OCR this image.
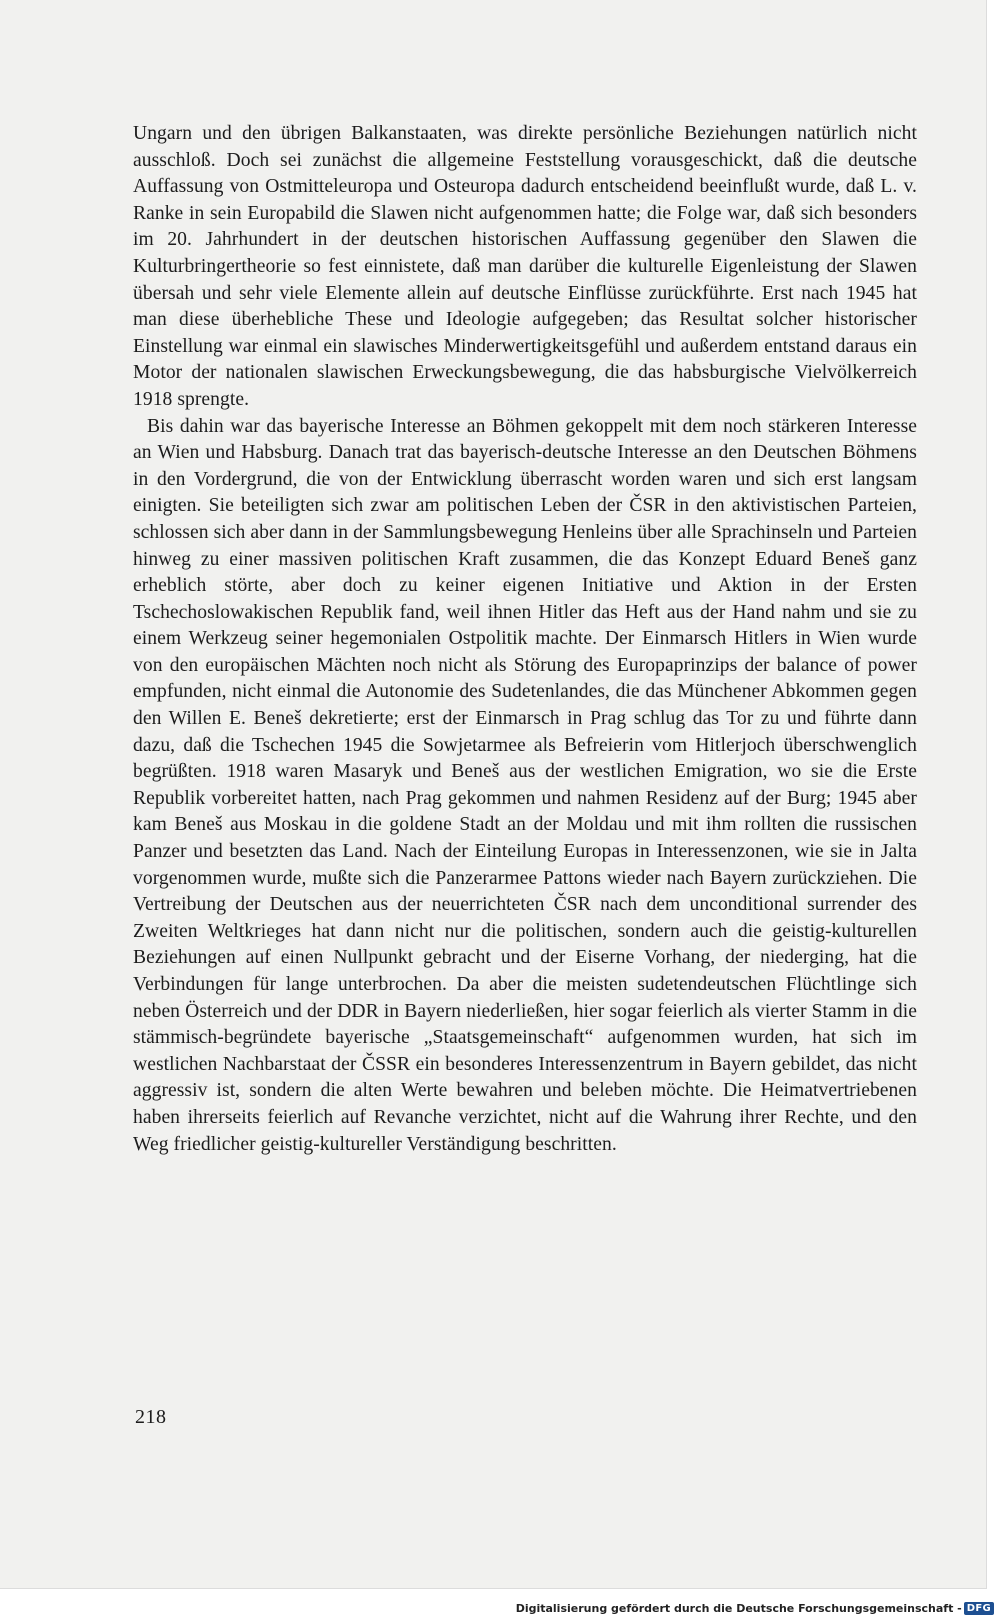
Ungarn und den übrigen Balkanstaaten, was direkte persönliche Beziehungen natürlich nicht ausschloß. Doch sei zunächst die allgemeine Feststellung vorausgeschickt, daß die deutsche Auffassung von Ostmitteleuropa und Osteuropa dadurch entscheidend beeinflußt wurde, daß L. v. Ranke in sein Europabild die Slawen nicht aufgenommen hatte; die Folge war, daß sich besonders im 20. Jahrhundert in der deutschen historischen Auffassung gegenüber den Slawen die Kulturbringertheorie so fest einnistete, daß man darüber die kulturelle Eigenleistung der Slawen übersah und sehr viele Elemente allein auf deutsche Einflüsse zurückführte. Erst nach 1945 hat man diese überhebliche These und Ideologie aufgegeben; das Resultat solcher historischer Einstellung war einmal ein slawisches Minderwertigkeitsgefühl und außerdem entstand daraus ein Motor der nationalen slawischen Erweckungsbewegung, die das habsburgische Vielvölkerreich 1918 sprengte.

Bis dahin war das bayerische Interesse an Böhmen gekoppelt mit dem noch stärkeren Interesse an Wien und Habsburg. Danach trat das bayerisch-deutsche Interesse an den Deutschen Böhmens in den Vordergrund, die von der Entwicklung überrascht worden waren und sich erst langsam einigten. Sie beteiligten sich zwar am politischen Leben der ČSR in den aktivistischen Parteien, schlossen sich aber dann in der Sammlungsbewegung Henleins über alle Sprachinseln und Parteien hinweg zu einer massiven politischen Kraft zusammen, die das Konzept Eduard Beneš ganz erheblich störte, aber doch zu keiner eigenen Initiative und Aktion in der Ersten Tschechoslowakischen Republik fand, weil ihnen Hitler das Heft aus der Hand nahm und sie zu einem Werkzeug seiner hegemonialen Ostpolitik machte. Der Einmarsch Hitlers in Wien wurde von den europäischen Mächten noch nicht als Störung des Europaprinzips der balance of power empfunden, nicht einmal die Autonomie des Sudetenlandes, die das Münchener Abkommen gegen den Willen E. Beneš dekretierte; erst der Einmarsch in Prag schlug das Tor zu und führte dann dazu, daß die Tschechen 1945 die Sowjetarmee als Befreierin vom Hitlerjoch überschwenglich begrüßten. 1918 waren Masaryk und Beneš aus der westlichen Emigration, wo sie die Erste Republik vorbereitet hatten, nach Prag gekommen und nahmen Residenz auf der Burg; 1945 aber kam Beneš aus Moskau in die goldene Stadt an der Moldau und mit ihm rollten die russischen Panzer und besetzten das Land. Nach der Einteilung Europas in Interessenzonen, wie sie in Jalta vorgenommen wurde, mußte sich die Panzerarmee Pattons wieder nach Bayern zurückziehen. Die Vertreibung der Deutschen aus der neuerrichteten ČSR nach dem unconditional surrender des Zweiten Weltkrieges hat dann nicht nur die politischen, sondern auch die geistig-kulturellen Beziehungen auf einen Nullpunkt gebracht und der Eiserne Vorhang, der niederging, hat die Verbindungen für lange unterbrochen. Da aber die meisten sudetendeutschen Flüchtlinge sich neben Österreich und der DDR in Bayern niederließen, hier sogar feierlich als vierter Stamm in die stämmisch-begründete bayerische „Staatsgemeinschaft“ aufgenommen wurden, hat sich im westlichen Nachbarstaat der ČSSR ein besonderes Interessenzentrum in Bayern gebildet, das nicht aggressiv ist, sondern die alten Werte bewahren und beleben möchte. Die Heimatvertriebenen haben ihrerseits feierlich auf Revanche verzichtet, nicht auf die Wahrung ihrer Rechte, und den Weg friedlicher geistig-kultureller Verständigung beschritten.

218
Digitalisierung gefördert durch die Deutsche Forschungsgemeinschaft - DFG
